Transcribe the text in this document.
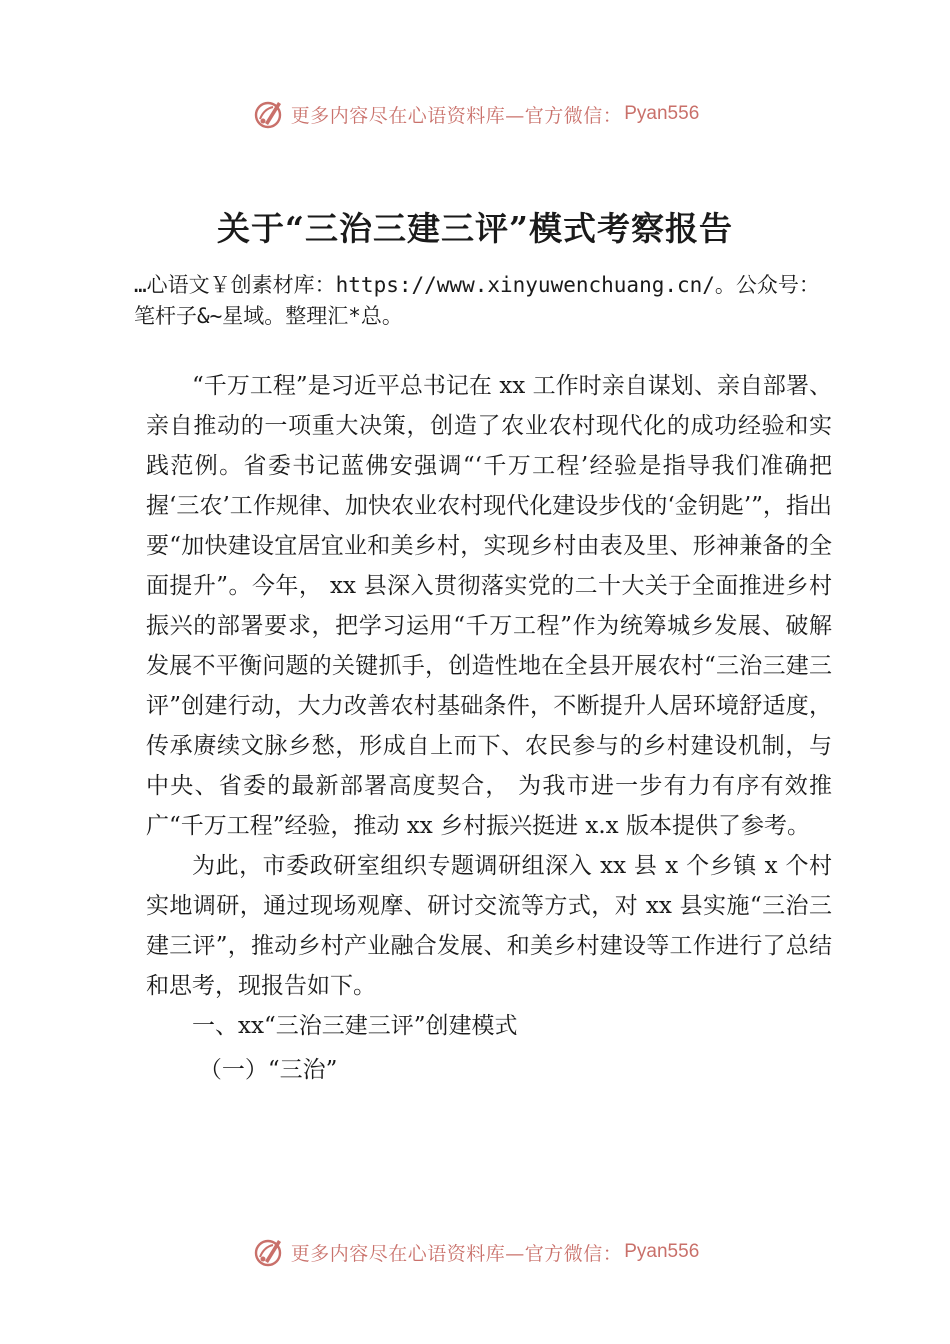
更多内容尽在心语资料库—官方微信： Pyan556
关于“三治三建三评”模式考察报告

…心语文￥创素材库：https://www.xinyuwenchuang.cn/。公众号：笔杆子&~星域。整理汇*总。

“千万工程”是习近平总书记在 xx 工作时亲自谋划、亲自部署、亲自推动的一项重大决策，创造了农业农村现代化的成功经验和实践范例。省委书记蓝佛安强调“‘千万工程’经验是指导我们准确把握‘三农’工作规律、加快农业农村现代化建设步伐的‘金钥匙’”，指出要“加快建设宜居宜业和美乡村，实现乡村由表及里、形神兼备的全面提升”。今年， xx 县深入贯彻落实党的二十大关于全面推进乡村振兴的部署要求，把学习运用“千万工程”作为统筹城乡发展、破解发展不平衡问题的关键抓手，创造性地在全县开展农村“三治三建三评”创建行动，大力改善农村基础条件，不断提升人居环境舒适度，传承赓续文脉乡愁，形成自上而下、农民参与的乡村建设机制，与中央、省委的最新部署高度契合， 为我市进一步有力有序有效推广“千万工程”经验，推动 xx 乡村振兴挺进 x.x 版本提供了参考。

为此，市委政研室组织专题调研组深入 xx 县 x 个乡镇 x 个村实地调研，通过现场观摩、研讨交流等方式，对 xx 县实施“三治三建三评”，推动乡村产业融合发展、和美乡村建设等工作进行了总结和思考，现报告如下。

一、xx“三治三建三评”创建模式

（一）“三治”

更多内容尽在心语资料库—官方微信： Pyan556
